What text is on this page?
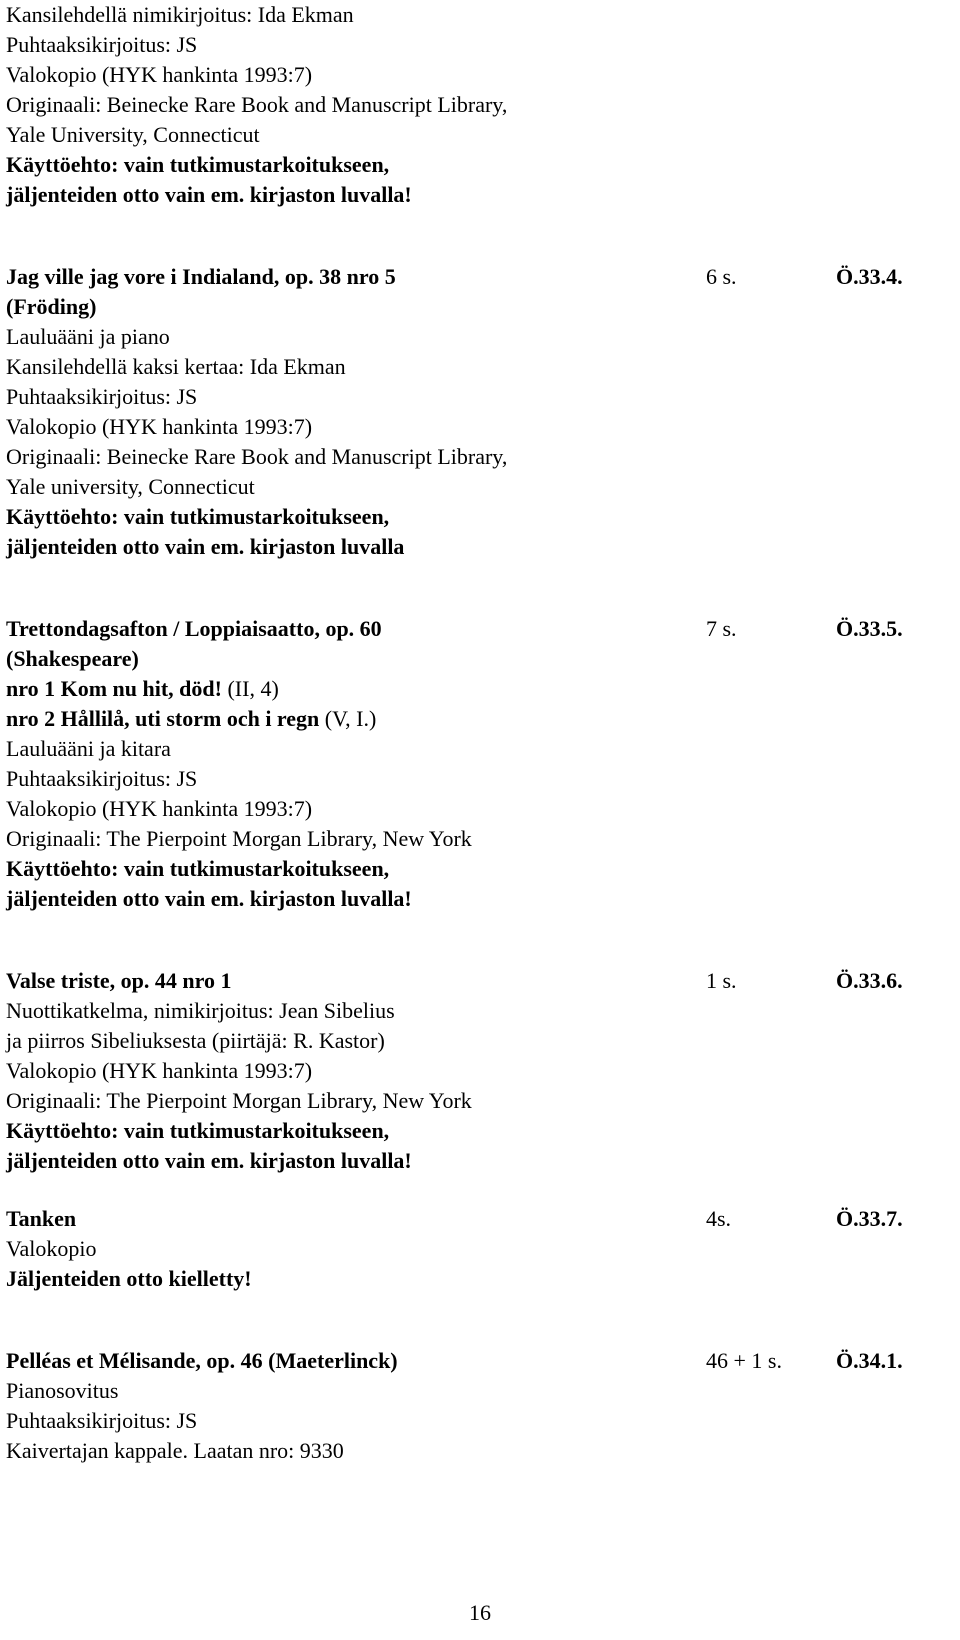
Kansilehdellä nimikirjoitus: Ida Ekman
Puhtaaksikirjoitus: JS
Valokopio (HYK hankinta 1993:7)
Originaali: Beinecke Rare Book and Manuscript Library,
Yale University, Connecticut
Käyttöehto: vain tutkimustarkoitukseen,
jäljenteiden otto vain em. kirjaston luvalla!
Jag ville jag vore i Indialand, op. 38 nro 5	6 s.	Ö.33.4.
(Fröding)
Lauluääni ja piano
Kansilehdellä kaksi kertaa: Ida Ekman
Puhtaaksikirjoitus: JS
Valokopio (HYK hankinta 1993:7)
Originaali: Beinecke Rare Book and Manuscript Library,
Yale university, Connecticut
Käyttöehto: vain tutkimustarkoitukseen,
jäljenteiden otto vain em. kirjaston luvalla
Trettondagsafton / Loppiaisaatto, op. 60	7 s.	Ö.33.5.
(Shakespeare)
nro 1 Kom nu hit, död! (II, 4)
nro 2 Hållilå, uti storm och i regn (V, I.)
Lauluääni ja kitara
Puhtaaksikirjoitus: JS
Valokopio (HYK hankinta 1993:7)
Originaali: The Pierpoint Morgan Library, New York
Käyttöehto: vain tutkimustarkoitukseen,
jäljenteiden otto vain em. kirjaston luvalla!
Valse triste, op. 44 nro 1	1 s.	Ö.33.6.
Nuottikatkelma, nimikirjoitus: Jean Sibelius
ja piirros Sibeliuksesta (piirtäjä: R. Kastor)
Valokopio (HYK hankinta 1993:7)
Originaali: The Pierpoint Morgan Library, New York
Käyttöehto: vain tutkimustarkoitukseen,
jäljenteiden otto vain em. kirjaston luvalla!
Tanken	4s.	Ö.33.7.
Valokopio
Jäljenteiden otto kielletty!
Pelléas et Mélisande, op. 46 (Maeterlinck)	46 + 1 s. Ö.34.1.
Pianosovitus
Puhtaaksikirjoitus: JS
Kaivertajan kappale. Laatan nro: 9330
16
